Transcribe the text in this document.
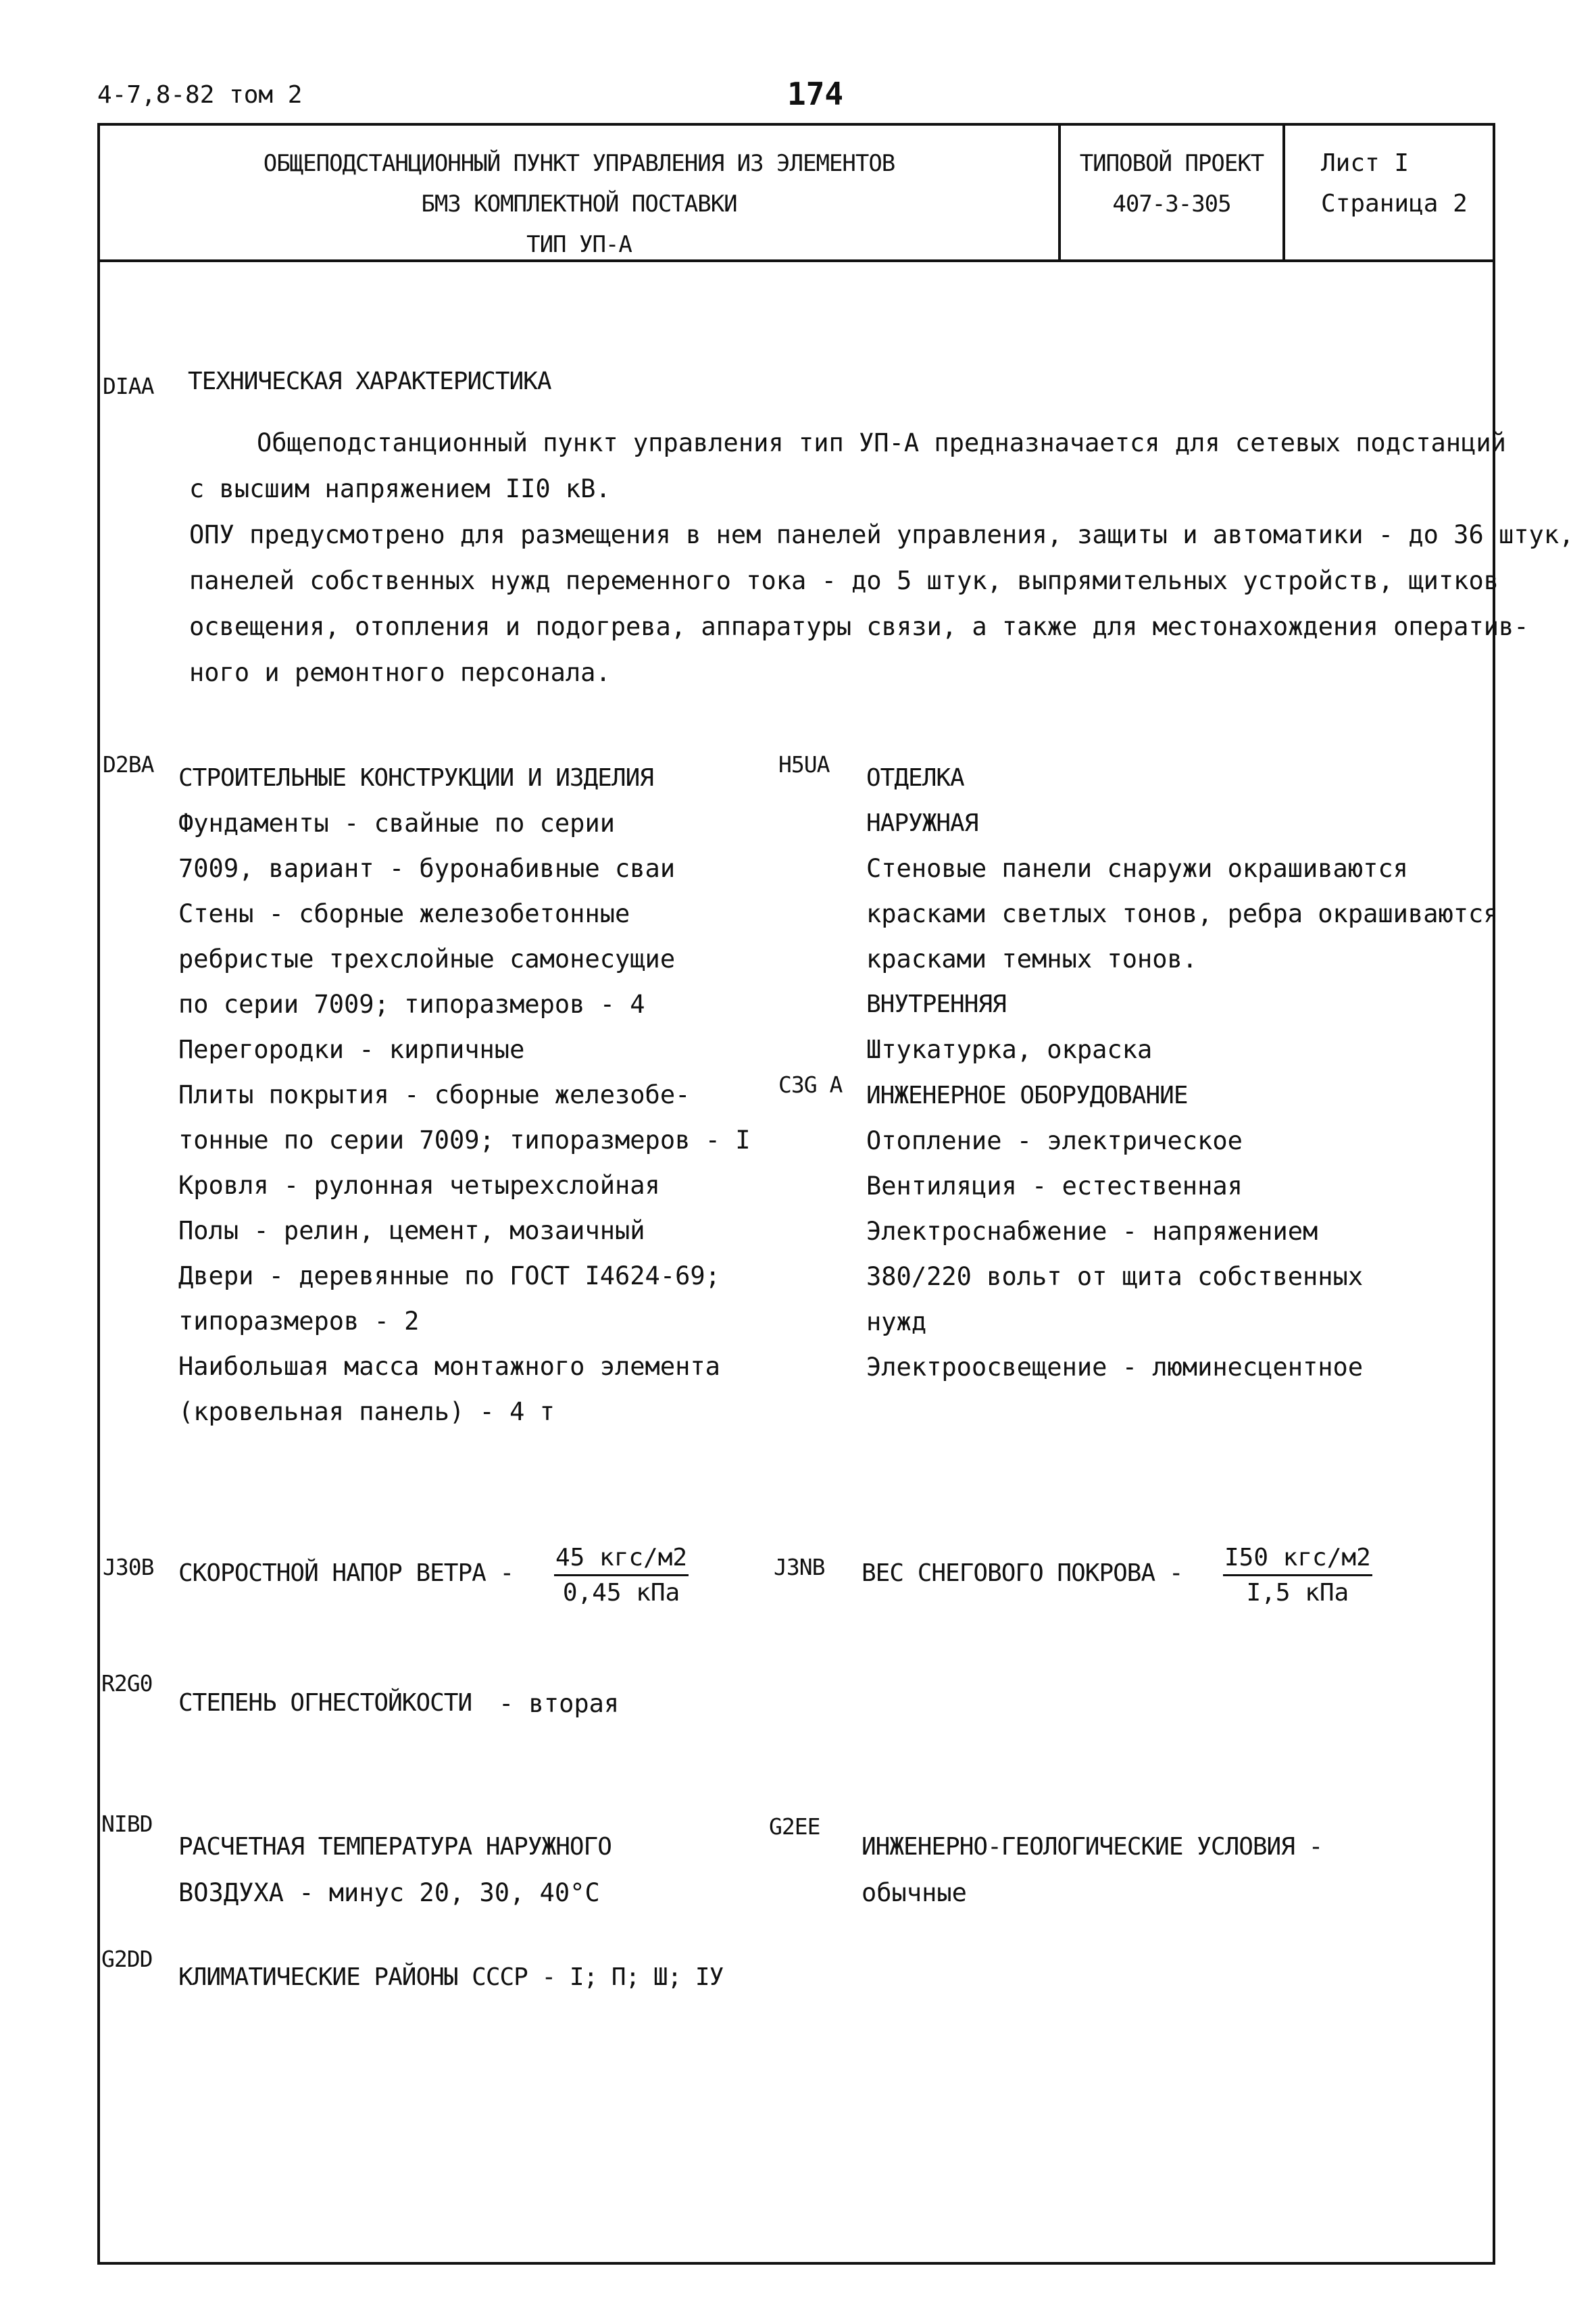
4-7,8-82 том 2	174
ОБЩЕПОДСТАНЦИОННЫЙ ПУНКТ УПРАВЛЕНИЯ ИЗ ЭЛЕМЕНТОВ
БМЗ КОМПЛЕКТНОЙ ПОСТАВКИ
ТИП УП-А
ТИПОВОЙ ПРОЕКТ
407-3-305
Лист I
Страница 2
DIAA ТЕХНИЧЕСКАЯ ХАРАКТЕРИСТИКА
Общеподстанционный пункт управления тип УП-А предназначается для сетевых подстанций
с высшим напряжением II0 кВ.
ОПУ предусмотрено для размещения в нем панелей управления, защиты и автоматики - до 36 штук,
панелей собственных нужд переменного тока - до 5 штук, выпрямительных устройств, щитков
освещения, отопления и подогрева, аппаратуры связи, а также для местонахождения оператив-
ного и ремонтного персонала.
D2BA СТРОИТЕЛЬНЫЕ КОНСТРУКЦИИ И ИЗДЕЛИЯ
Фундаменты - свайные по серии
7009, вариант - буронабивные сваи
Стены - сборные железобетонные
ребристые трехслойные самонесущие
по серии 7009; типоразмеров - 4
Перегородки - кирпичные
Плиты покрытия - сборные железобе-
тонные по серии 7009; типоразмеров - I
Кровля - рулонная четырехслойная
Полы - релин, цемент, мозаичный
Двери - деревянные по ГОСТ I4624-69;
типоразмеров - 2
Наибольшая масса монтажного элемента
(кровельная панель) - 4 т
H5UA ОТДЕЛКА
НАРУЖНАЯ
Стеновые панели снаружи окрашиваются
красками светлых тонов, ребра окрашиваются
красками темных тонов.
ВНУТРЕННЯЯ
Штукатурка, окраска
C3G A ИНЖЕНЕРНОЕ ОБОРУДОВАНИЕ
Отопление - электрическое
Вентиляция - естественная
Электроснабжение - напряжением
380/220 вольт от щита собственных
нужд
Электроосвещение - люминесцентное
J30B СКОРОСТНОЙ НАПОР ВЕТРА -
45 кгс/м2
0,45 кПа
J3NB ВЕС СНЕГОВОГО ПОКРОВА -
I50 кгс/м2
I,5 кПа
R2G0
СТЕПЕНЬ ОГНЕСТОЙКОСТИ - вторая
NIBD
РАСЧЕТНАЯ ТЕМПЕРАТУРА НАРУЖНОГО
ВОЗДУХА - минус 20, 30, 40°С
G2EE
ИНЖЕНЕРНО-ГЕОЛОГИЧЕСКИЕ УСЛОВИЯ -
обычные
G2DD
КЛИМАТИЧЕСКИЕ РАЙОНЫ СССР - I; П; Ш; IУ
